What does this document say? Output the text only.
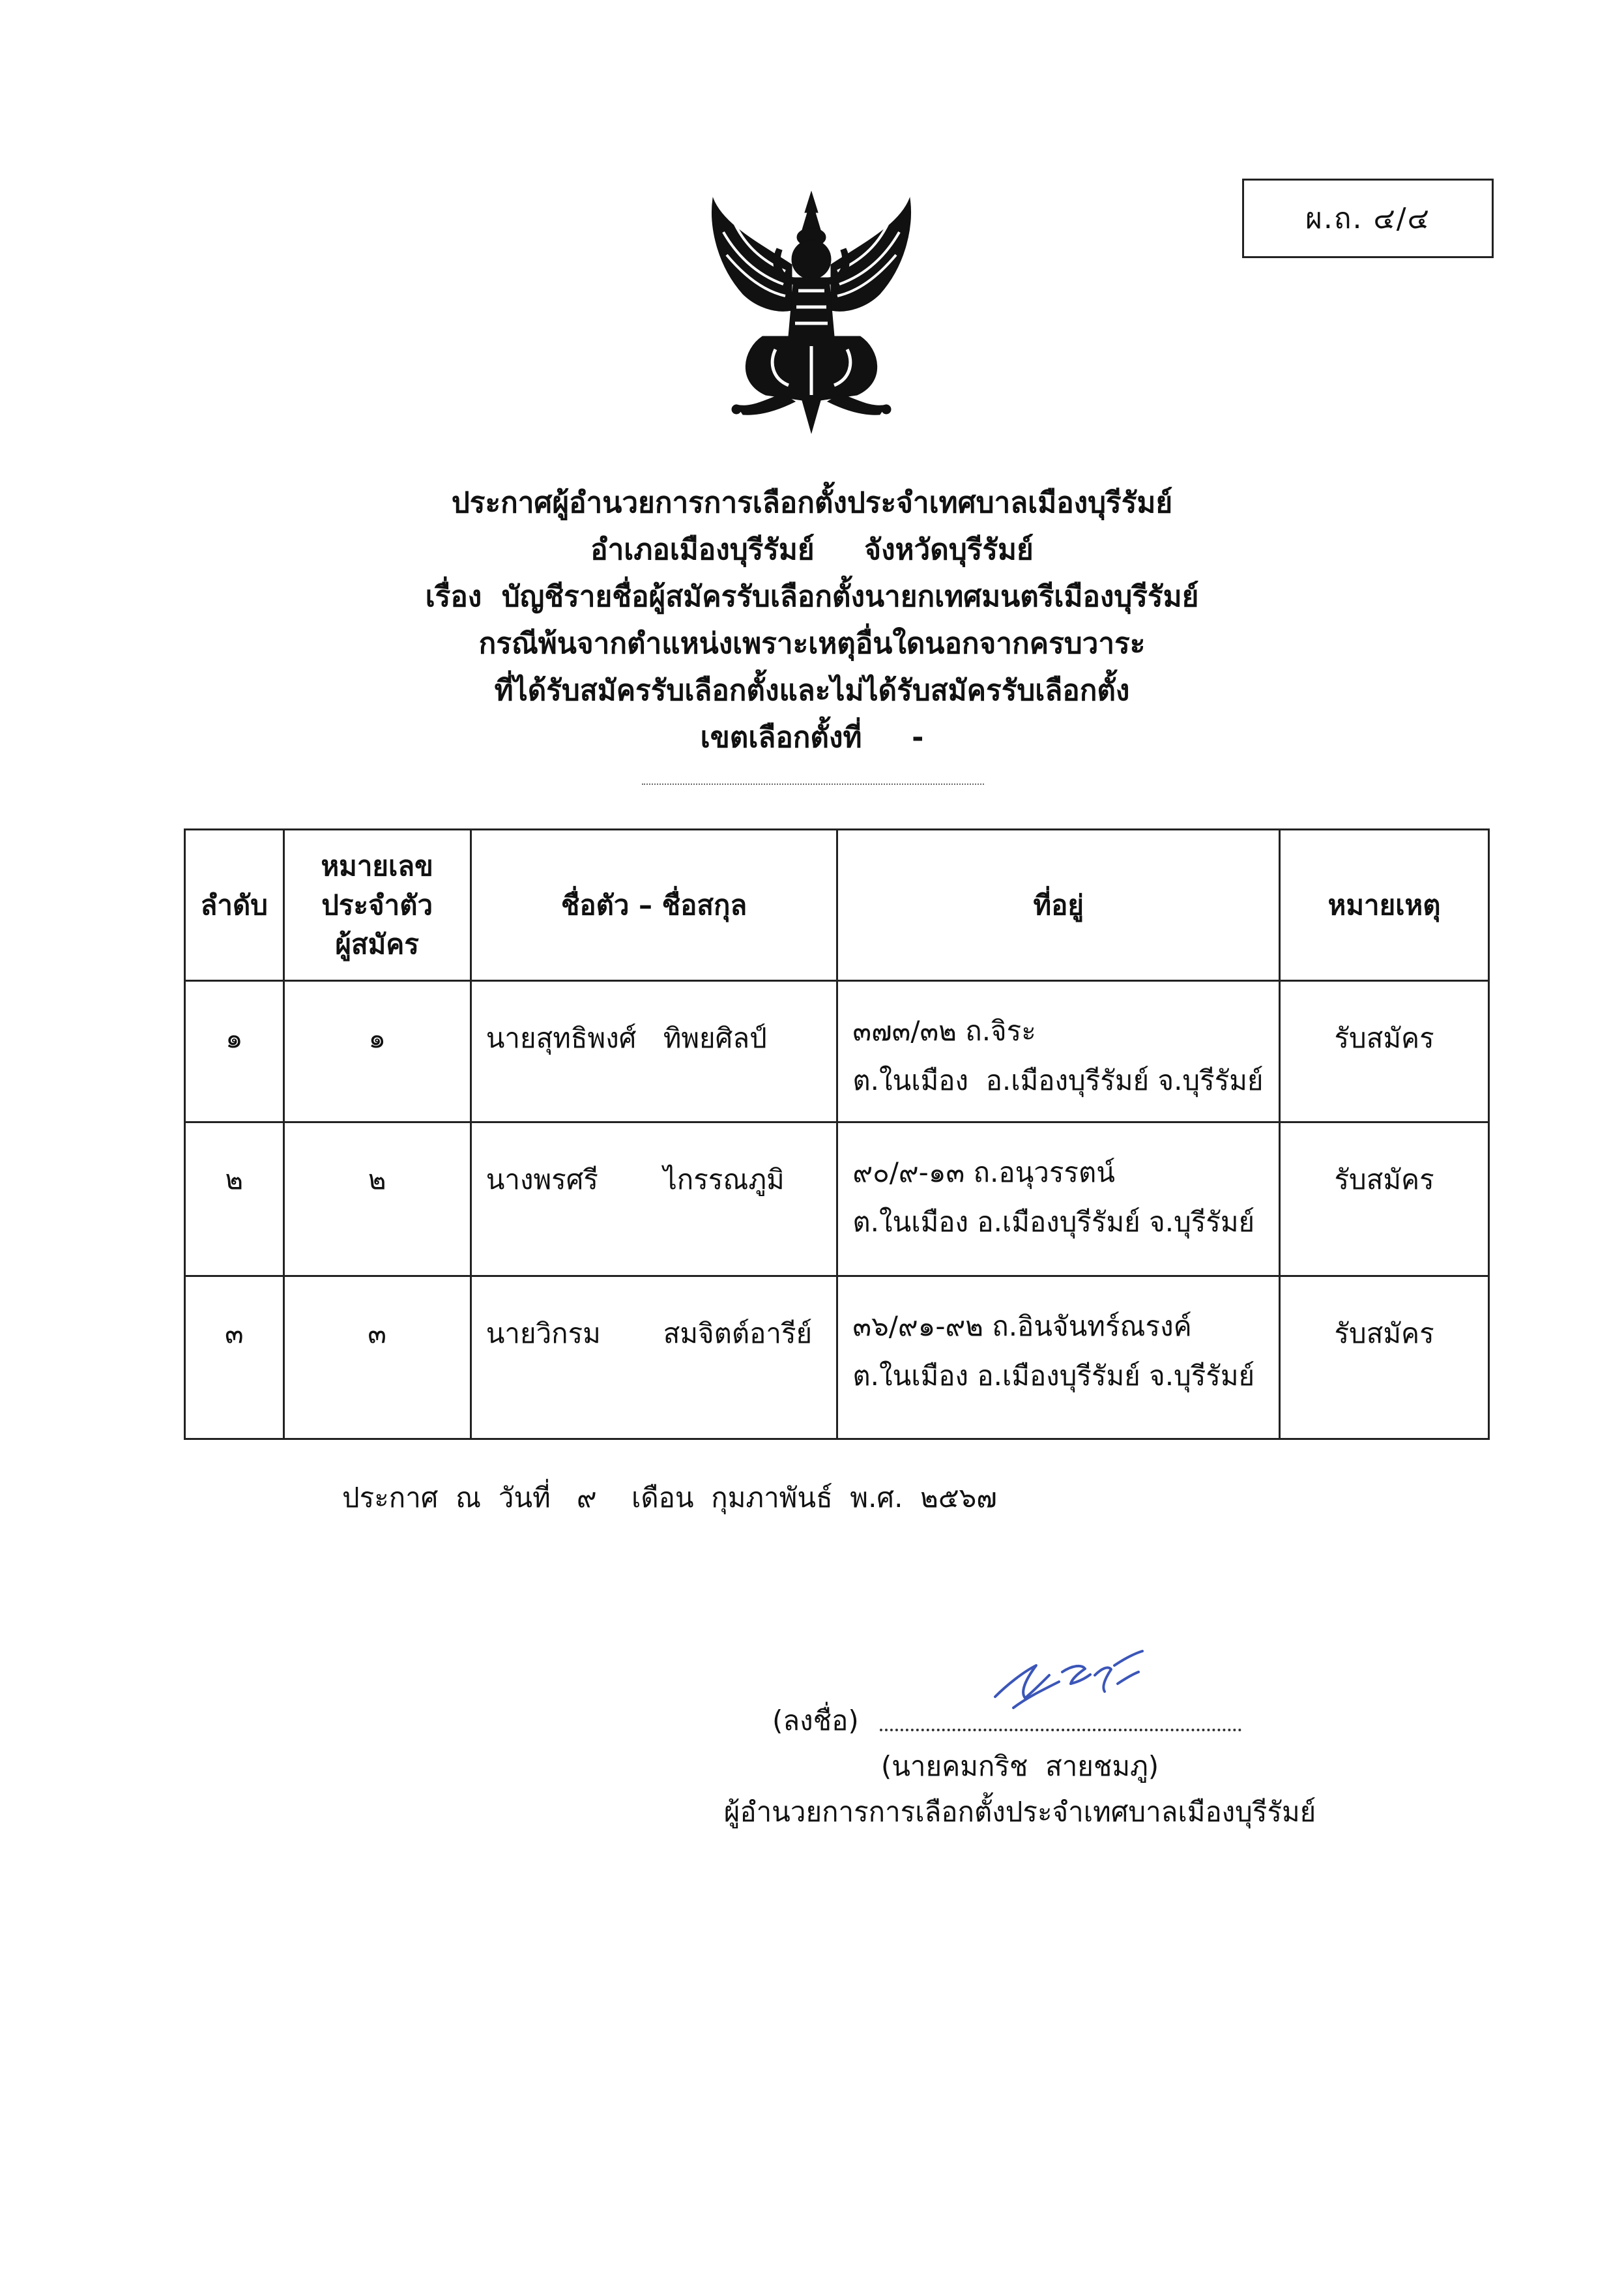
ผ.ถ. ๔/๔
ประกาศผู้อำนวยการการเลือกตั้งประจำเทศบาลเมืองบุรีรัมย์
อำเภอเมืองบุรีรัมย์     จังหวัดบุรีรัมย์
เรื่อง  บัญชีรายชื่อผู้สมัครรับเลือกตั้งนายกเทศมนตรีเมืองบุรีรัมย์
กรณีพ้นจากตำแหน่งเพราะเหตุอื่นใดนอกจากครบวาระ
ที่ได้รับสมัครรับเลือกตั้งและไม่ได้รับสมัครรับเลือกตั้ง
เขตเลือกตั้งที่     -
ลำดับ	หมายเลข
ประจำตัว
ผู้สมัคร	ชื่อตัว – ชื่อสกุล	ที่อยู่	หมายเหตุ
๑	๑	นายสุทธิพงศ์ ทิพยศิลป์	๓๗๓/๓๒ ถ.จิระ
ต.ในเมือง  อ.เมืองบุรีรัมย์ จ.บุรีรัมย์	รับสมัคร
๒	๒	นางพรศรี ไกรรณภูมิ	๙๐/๙-๑๓ ถ.อนุวรรตน์
ต.ในเมือง อ.เมืองบุรีรัมย์ จ.บุรีรัมย์	รับสมัคร
๓	๓	นายวิกรม สมจิตต์อารีย์	๓๖/๙๑-๙๒ ถ.อินจันทร์ณรงค์
ต.ในเมือง อ.เมืองบุรีรัมย์ จ.บุรีรัมย์	รับสมัคร
ประกาศ  ณ  วันที่   ๙    เดือน  กุมภาพันธ์  พ.ศ.  ๒๕๖๗
(ลงชื่อ)
(นายคมกริช  สายชมภู)
ผู้อำนวยการการเลือกตั้งประจำเทศบาลเมืองบุรีรัมย์
